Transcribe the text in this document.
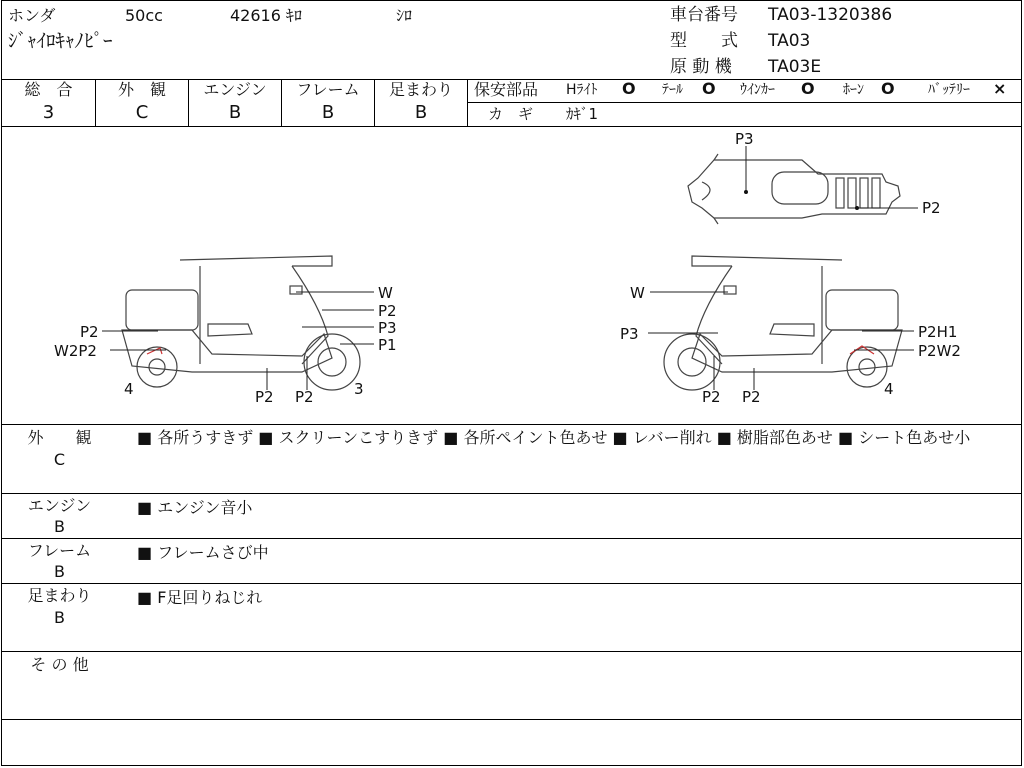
ホンダ	50cc	42616 ｷﾛ	ｼﾛ
ｼﾞｬｲﾛｷｬﾉﾋﾟｰ
車台番号 TA03-1320386
型　　式 TA03
原 動 機 TA03E
総　合
3
外　観
C
エンジン
B
フレーム
B
足まわり
B
保安部品 Hﾗｲﾄ O ﾃｰﾙ O ｳｲﾝｶｰ O ﾎｰﾝ O ﾊﾞｯﾃﾘｰ ×
カ　ギ ｶｷﾞ1
P3
P2
W
P2
P3
P1
P2
W2P2
P2 P2
4	3
W
P3	P2H1
P2W2
P2 P2	4
外　　観
C
■ 各所うすきず ■ スクリーンこすりきず ■ 各所ペイント色あせ ■ レバー削れ ■ 樹脂部色あせ ■ シート色あせ小
エンジン
B
■ エンジン音小
フレーム
B
■ フレームさび中
足まわり
B
■ F足回りねじれ
そ の 他
